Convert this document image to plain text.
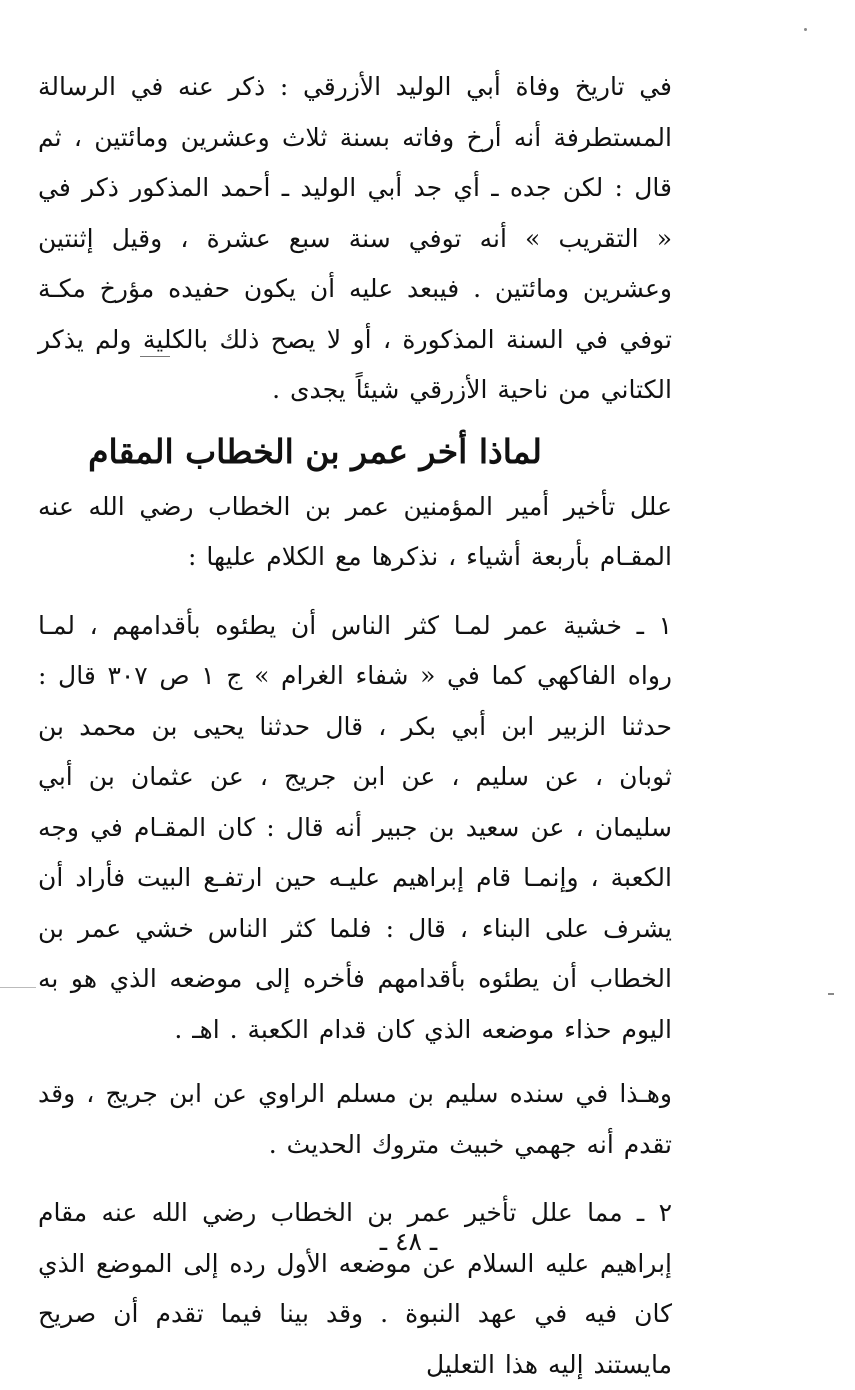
في تاريخ وفاة أبي الوليد الأزرقي : ذكر عنه في الرسالة المستطرفة أنه أرخ وفاته بسنة ثلاث وعشرين ومائتين ، ثم قال : لكن جده ـ أي جد أبي الوليد ـ أحمد المذكور ذكر في « التقريب » أنه توفي سنة سبع عشرة ، وقيل إثنتين وعشرين ومائتين . فيبعد عليه أن يكون حفيده مؤرخ مكـة توفي في السنة المذكورة ، أو لا يصح ذلك بالكلية ولم يذكر الكتاني من ناحية الأزرقي شيئاً يجدى .

لماذا أخر عمر بن الخطاب المقام

علل تأخير أمير المؤمنين عمر بن الخطاب رضي الله عنه المقـام بأربعة أشياء ، نذكرها مع الكلام عليها :

١ ـ خشية عمر لمـا كثر الناس أن يطئوه بأقدامهم ، لمـا رواه الفاكهي كما في « شفاء الغرام » ج ١ ص ٣٠٧ قال : حدثنا الزبير ابن أبي بكر ، قال حدثنا يحيى بن محمد بن ثوبان ، عن سليم ، عن ابن جريج ، عن عثمان بن أبي سليمان ، عن سعيد بن جبير أنه قال : كان المقـام في وجه الكعبة ، وإنمـا قام إبراهيم عليـه حين ارتفـع البيت فأراد أن يشرف على البناء ، قال : فلما كثر الناس خشي عمر بن الخطاب أن يطئوه بأقدامهم فأخره إلى موضعه الذي هو به اليوم حذاء موضعه الذي كان قدام الكعبة . اهـ .

وهـذا في سنده سليم بن مسلم الراوي عن ابن جريج ، وقد تقدم أنه جهمي خبيث متروك الحديث .

٢ ـ مما علل تأخير عمر بن الخطاب رضي الله عنه مقام إبراهيم عليه السلام عن موضعه الأول رده إلى الموضع الذي كان فيه في عهد النبوة . وقد بينا فيما تقدم أن صريح مايستند إليه هذا التعليل

ـ ٤٨ ـ
